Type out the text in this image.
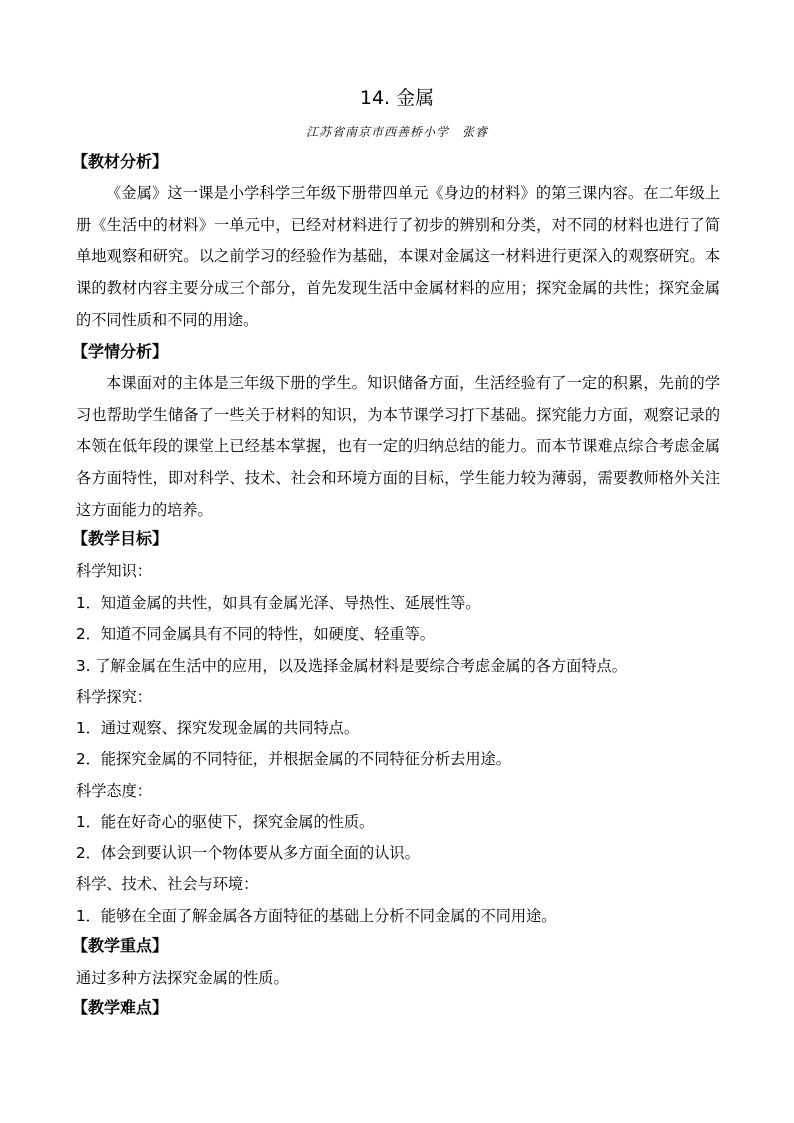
14. 金属
江苏省南京市西善桥小学　张睿
【教材分析】
《金属》这一课是小学科学三年级下册带四单元《身边的材料》的第三课内容。在二年级上册《生活中的材料》一单元中，已经对材料进行了初步的辨别和分类，对不同的材料也进行了简单地观察和研究。以之前学习的经验作为基础，本课对金属这一材料进行更深入的观察研究。本课的教材内容主要分成三个部分，首先发现生活中金属材料的应用；探究金属的共性；探究金属的不同性质和不同的用途。
【学情分析】
本课面对的主体是三年级下册的学生。知识储备方面，生活经验有了一定的积累，先前的学习也帮助学生储备了一些关于材料的知识，为本节课学习打下基础。探究能力方面，观察记录的本领在低年段的课堂上已经基本掌握，也有一定的归纳总结的能力。而本节课难点综合考虑金属各方面特性，即对科学、技术、社会和环境方面的目标，学生能力较为薄弱，需要教师格外关注这方面能力的培养。
【教学目标】
科学知识：
1．知道金属的共性，如具有金属光泽、导热性、延展性等。
2．知道不同金属具有不同的特性，如硬度、轻重等。
3. 了解金属在生活中的应用，以及选择金属材料是要综合考虑金属的各方面特点。
科学探究：
1．通过观察、探究发现金属的共同特点。
2．能探究金属的不同特征，并根据金属的不同特征分析去用途。
科学态度：
1．能在好奇心的驱使下，探究金属的性质。
2．体会到要认识一个物体要从多方面全面的认识。
科学、技术、社会与环境：
1．能够在全面了解金属各方面特征的基础上分析不同金属的不同用途。
【教学重点】
通过多种方法探究金属的性质。
【教学难点】
